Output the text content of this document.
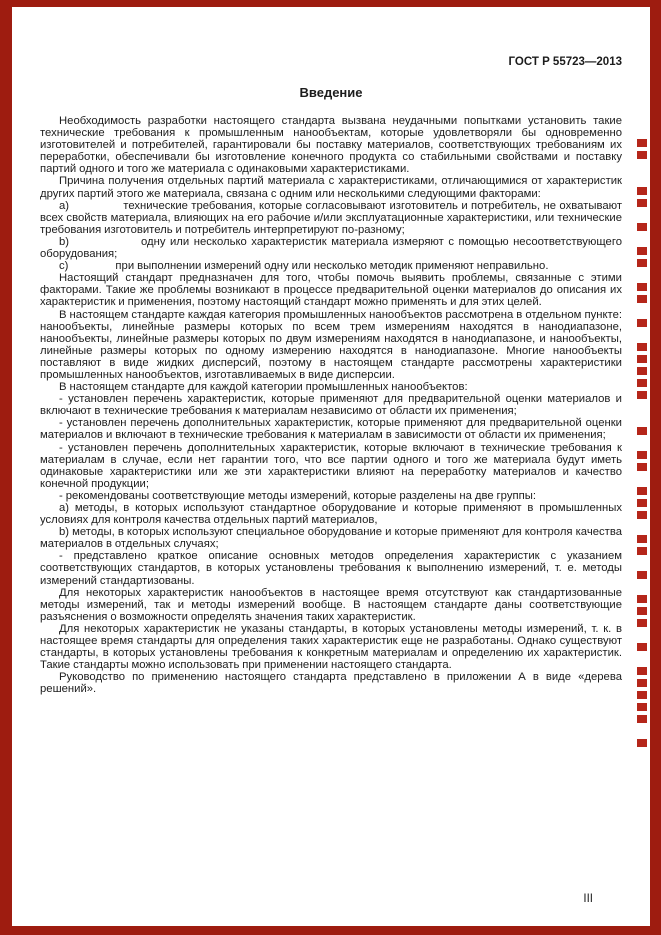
ГОСТ Р 55723—2013
Введение

Необходимость разработки настоящего стандарта вызвана неудачными попытками установить такие технические требования к промышленным нанообъектам, которые удовлетворяли бы одновременно изготовителей и потребителей, гарантировали бы поставку материалов, соответствующих требованиям их переработки, обеспечивали бы изготовление конечного продукта со стабильными свойствами и поставку партий одного и того же материала с одинаковыми характеристиками.

Причина получения отдельных партий материала с характеристиками, отличающимися от характеристик других партий этого же материала, связана с одним или несколькими следующими факторами:

a)                технические требования, которые согласовывают изготовитель и потребитель, не охватывают всех свойств материала, влияющих на его рабочие и/или эксплуатационные характеристики, или технические требования изготовитель и потребитель интерпретируют по-разному;

b)                одну или несколько характеристик материала измеряют с помощью несоответствующего оборудования;

c)                при выполнении измерений одну или несколько методик применяют неправильно.

Настоящий стандарт предназначен для того, чтобы помочь выявить проблемы, связанные с этими факторами. Такие же проблемы возникают в процессе предварительной оценки материалов до описания их характеристик и применения, поэтому настоящий стандарт можно применять и для этих целей.

В настоящем стандарте каждая категория промышленных нанообъектов рассмотрена в отдельном пункте: нанообъекты, линейные размеры которых по всем трем измерениям находятся в нанодиапазоне, нанообъекты, линейные размеры которых по двум измерениям находятся в нанодиапазоне, и нанообъекты, линейные размеры которых по одному измерению находятся в нанодиапазоне. Многие нанообъекты поставляют в виде жидких дисперсий, поэтому в настоящем стандарте рассмотрены характеристики промышленных нанообъектов, изготавливаемых в виде дисперсии.

В настоящем стандарте для каждой категории промышленных нанообъектов:

- установлен перечень характеристик, которые применяют для предварительной оценки материалов и включают в технические требования к материалам независимо от области их применения;

- установлен перечень дополнительных характеристик, которые применяют для предварительной оценки материалов и включают в технические требования к материалам в зависимости от области их применения;

- установлен перечень дополнительных характеристик, которые включают в технические требования к материалам в случае, если нет гарантии того, что все партии одного и того же материала будут иметь одинаковые характеристики или же эти характеристики влияют на переработку материалов и качество конечной продукции;

- рекомендованы соответствующие методы измерений, которые разделены на две группы:

a) методы, в которых используют стандартное оборудование и которые применяют в промышленных условиях для контроля качества отдельных партий материалов,

b) методы, в которых используют специальное оборудование и которые применяют для контроля качества материалов в отдельных случаях;

- представлено краткое описание основных методов определения характеристик с указанием соответствующих стандартов, в которых установлены требования к выполнению измерений, т. е. методы измерений стандартизованы.

Для некоторых характеристик нанообъектов в настоящее время отсутствуют как стандартизованные методы измерений, так и методы измерений вообще. В настоящем стандарте даны соответствующие разъяснения о возможности определять значения таких характеристик.

Для некоторых характеристик не указаны стандарты, в которых установлены методы измерений, т. к. в настоящее время стандарты для определения таких характеристик еще не разработаны. Однако существуют стандарты, в которых установлены требования к конкретным материалам и определению их характеристик. Такие стандарты можно использовать при применении настоящего стандарта.

Руководство по применению настоящего стандарта представлено в приложении А в виде «дерева решений».

III
